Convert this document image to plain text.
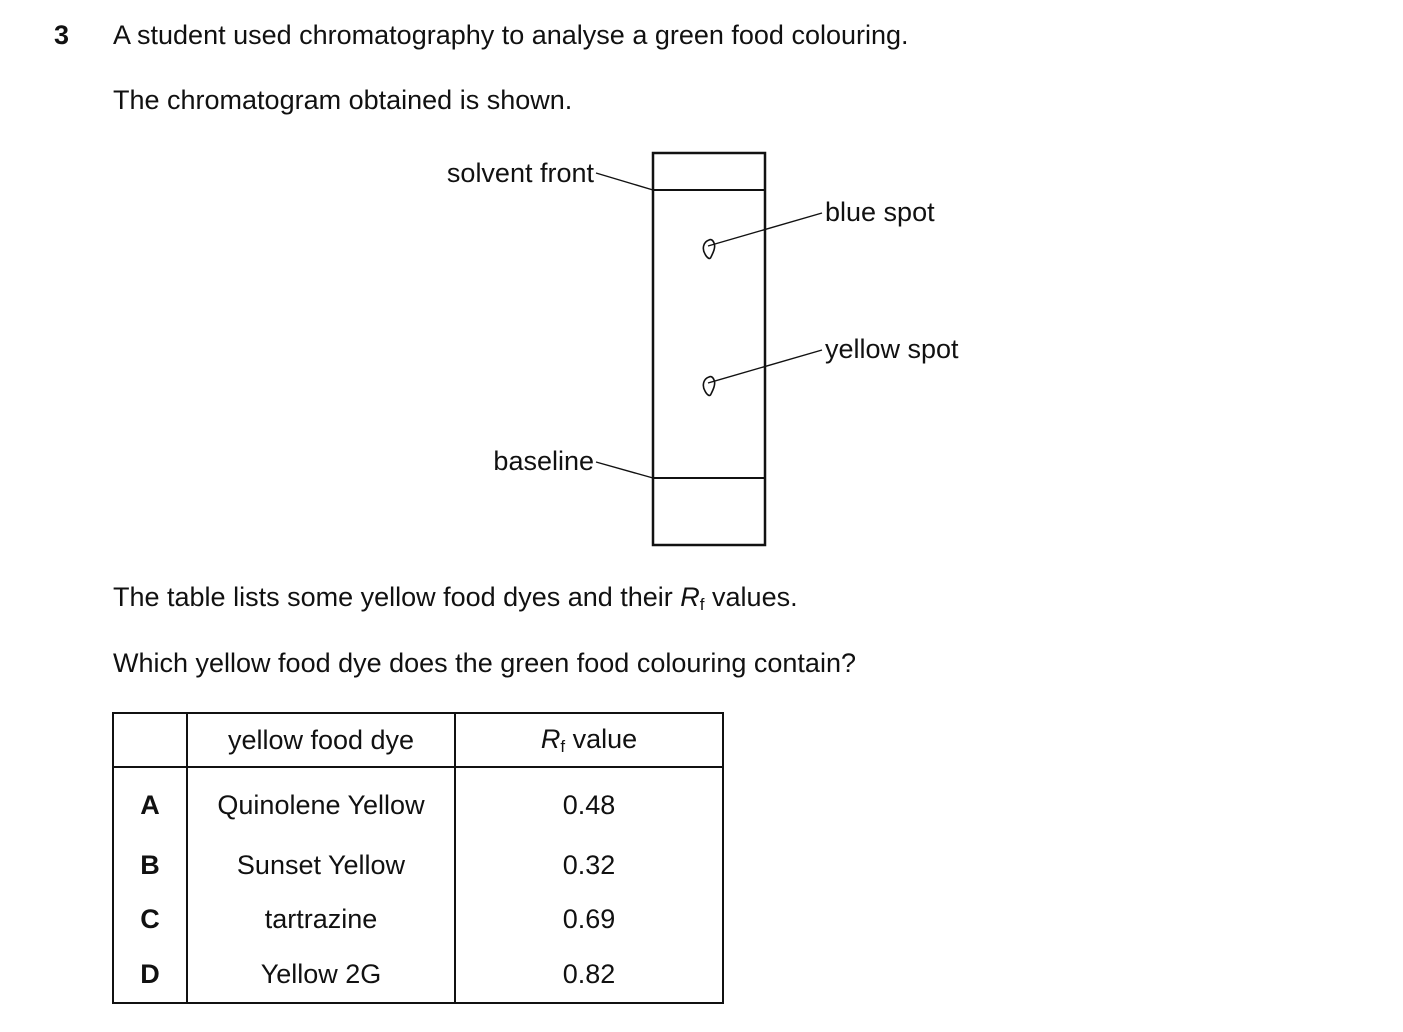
3 A student used chromatography to analyse a green food colouring.
The chromatogram obtained is shown.
solvent front
baseline
blue spot
yellow spot
The table lists some yellow food dyes and their $R_f$ values.
Which yellow food dye does the green food colouring contain?
	yellow food dye	$R_f$ value
A	Quinolene Yellow	0.48
B	Sunset Yellow	0.32
C	tartrazine	0.69
D	Yellow 2G	0.82
